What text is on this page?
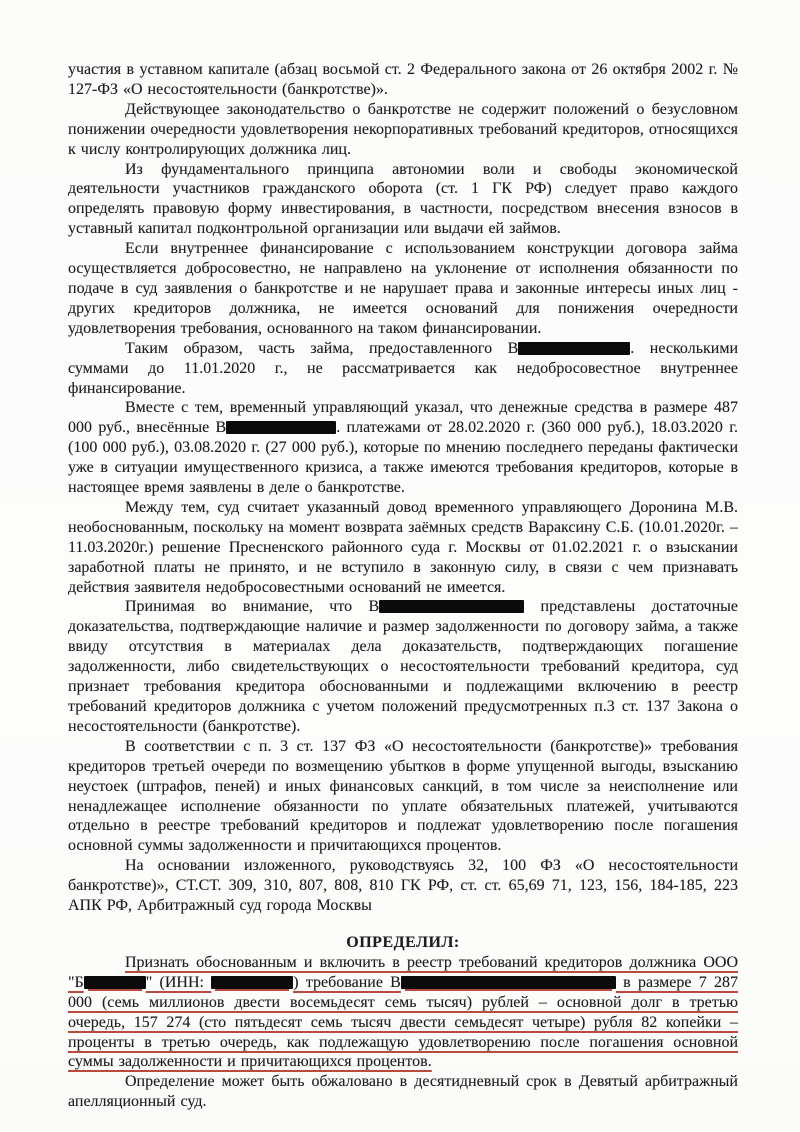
участия в уставном капитале (абзац восьмой ст. 2 Федерального закона от 26 октября 2002 г. № 127-ФЗ «О несостоятельности (банкротстве)».

Действующее законодательство о банкротстве не содержит положений о безусловном понижении очередности удовлетворения некорпоративных требований кредиторов, относящихся к числу контролирующих должника лиц.

Из фундаментального принципа автономии воли и свободы экономической деятельности участников гражданского оборота (ст. 1 ГК РФ) следует право каждого определять правовую форму инвестирования, в частности, посредством внесения взносов в уставный капитал подконтрольной организации или выдачи ей займов.

Если внутреннее финансирование с использованием конструкции договора займа осуществляется добросовестно, не направлено на уклонение от исполнения обязанности по подаче в суд заявления о банкротстве и не нарушает права и законные интересы иных лиц - других кредиторов должника, не имеется оснований для понижения очередности удовлетворения требования, основанного на таком финансировании.

Таким образом, часть займа, предоставленного В	. несколькими суммами до 11.01.2020 г., не рассматривается как недобросовестное внутреннее финансирование.

Вместе с тем, временный управляющий указал, что денежные средства в размере 487 000 руб., внесённые В	. платежами от 28.02.2020 г. (360 000 руб.), 18.03.2020 г. (100 000 руб.), 03.08.2020 г. (27 000 руб.), которые по мнению последнего переданы фактически уже в ситуации имущественного кризиса, а также имеются требования кредиторов, которые в настоящее время заявлены в деле о банкротстве.

Между тем, суд считает указанный довод временного управляющего Доронина М.В. необоснованным, поскольку на момент возврата заёмных средств Вараксину С.Б. (10.01.2020г. – 11.03.2020г.) решение Пресненского районного суда г. Москвы от 01.02.2021 г. о взыскании заработной платы не принято, и не вступило в законную силу, в связи с чем признавать действия заявителя недобросовестными оснований не имеется.

Принимая во внимание, что В	представлены достаточные доказательства, подтверждающие наличие и размер задолженности по договору займа, а также ввиду отсутствия в материалах дела доказательств, подтверждающих погашение задолженности, либо свидетельствующих о несостоятельности требований кредитора, суд признает требования кредитора обоснованными и подлежащими включению в реестр требований кредиторов должника с учетом положений предусмотренных п.3 ст. 137 Закона о несостоятельности (банкротстве).

В соответствии с п. 3 ст. 137 ФЗ «О несостоятельности (банкротстве)» требования кредиторов третьей очереди по возмещению убытков в форме упущенной выгоды, взысканию неустоек (штрафов, пеней) и иных финансовых санкций, в том числе за неисполнение или ненадлежащее исполнение обязанности по уплате обязательных платежей, учитываются отдельно в реестре требований кредиторов и подлежат удовлетворению после погашения основной суммы задолженности и причитающихся процентов.

На основании изложенного, руководствуясь 32, 100 ФЗ «О несостоятельности банкротстве)», СТ.СТ. 309, 310, 807, 808, 810 ГК РФ, ст. ст. 65,69 71, 123, 156, 184-185, 223 АПК РФ, Арбитражный суд города Москвы

ОПРЕДЕЛИЛ:

Признать обоснованным и включить в реестр требований кредиторов должника ООО "Б	" (ИНН:	) требование В	в размере 7 287 000 (семь миллионов двести восемьдесят семь тысяч) рублей – основной долг в третью очередь, 157 274 (сто пятьдесят семь тысяч двести семьдесят четыре) рубля 82 копейки – проценты в третью очередь, как подлежащую удовлетворению после погашения основной суммы задолженности и причитающихся процентов.

Определение может быть обжаловано в десятидневный срок в Девятый арбитражный апелляционный суд.
